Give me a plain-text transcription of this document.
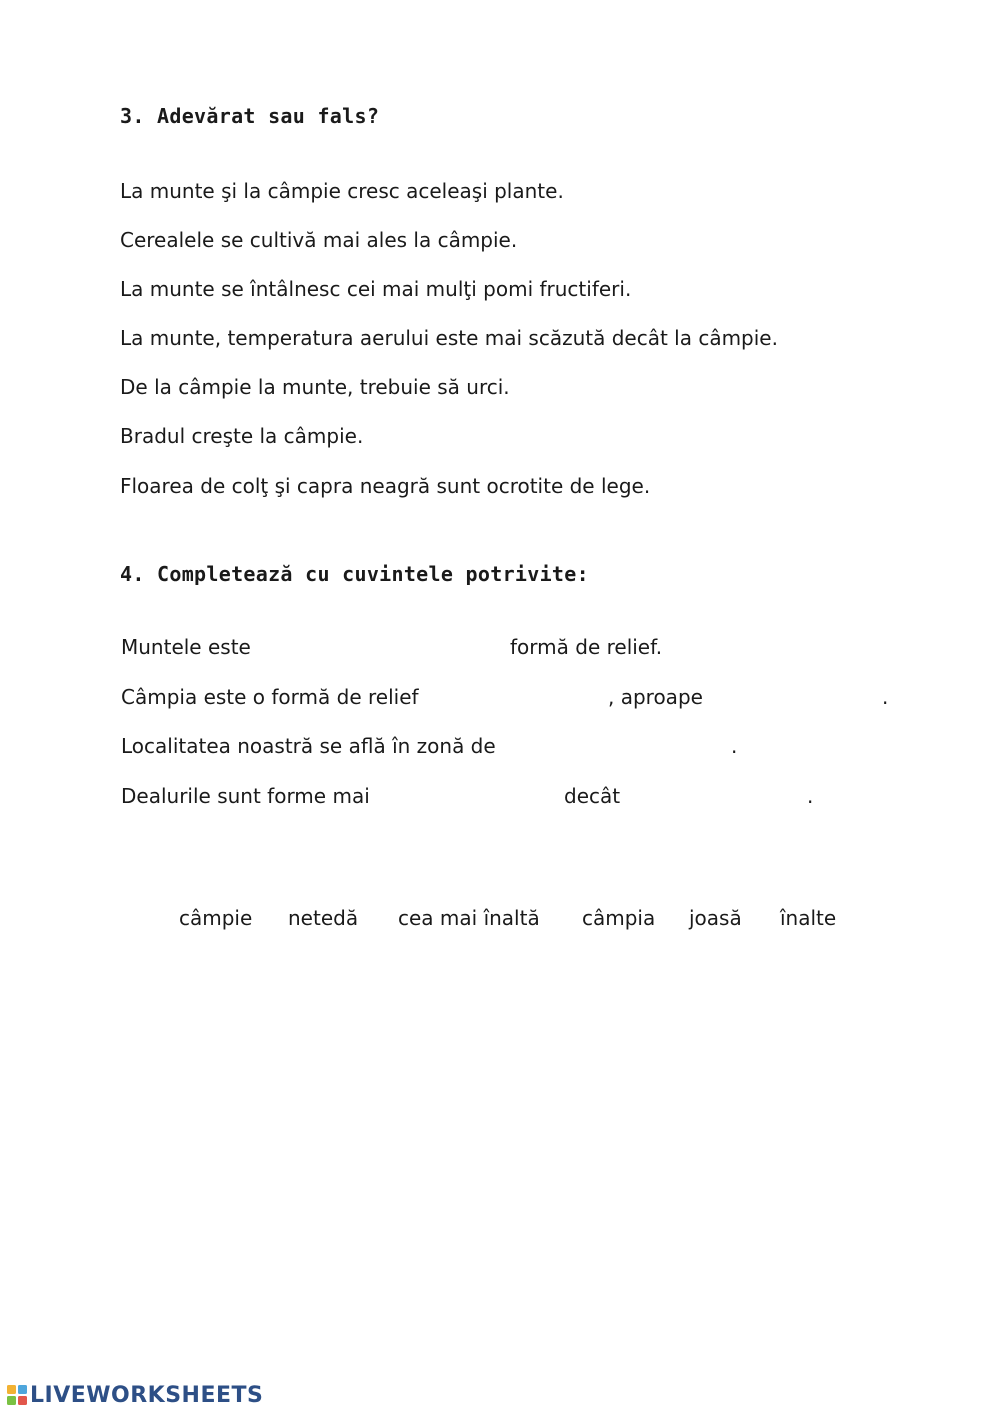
3. Adevărat sau fals?
La munte şi la câmpie cresc aceleaşi plante.
Cerealele se cultivă mai ales la câmpie.
La munte se întâlnesc cei mai mulţi pomi fructiferi.
La munte, temperatura aerului este mai scăzută decât la câmpie.
De la câmpie la munte, trebuie să urci.
Bradul creşte la câmpie.
Floarea de colţ şi capra neagră sunt ocrotite de lege.
4. Completează cu cuvintele potrivite:
Muntele este	formă de relief.
Câmpia este o formă de relief	, aproape	.
Localitatea noastră se află în zonă de	.
Dealurile sunt forme mai	decât	.
câmpie netedă cea mai înaltă câmpia joasă înalte
LIVEWORKSHEETS
